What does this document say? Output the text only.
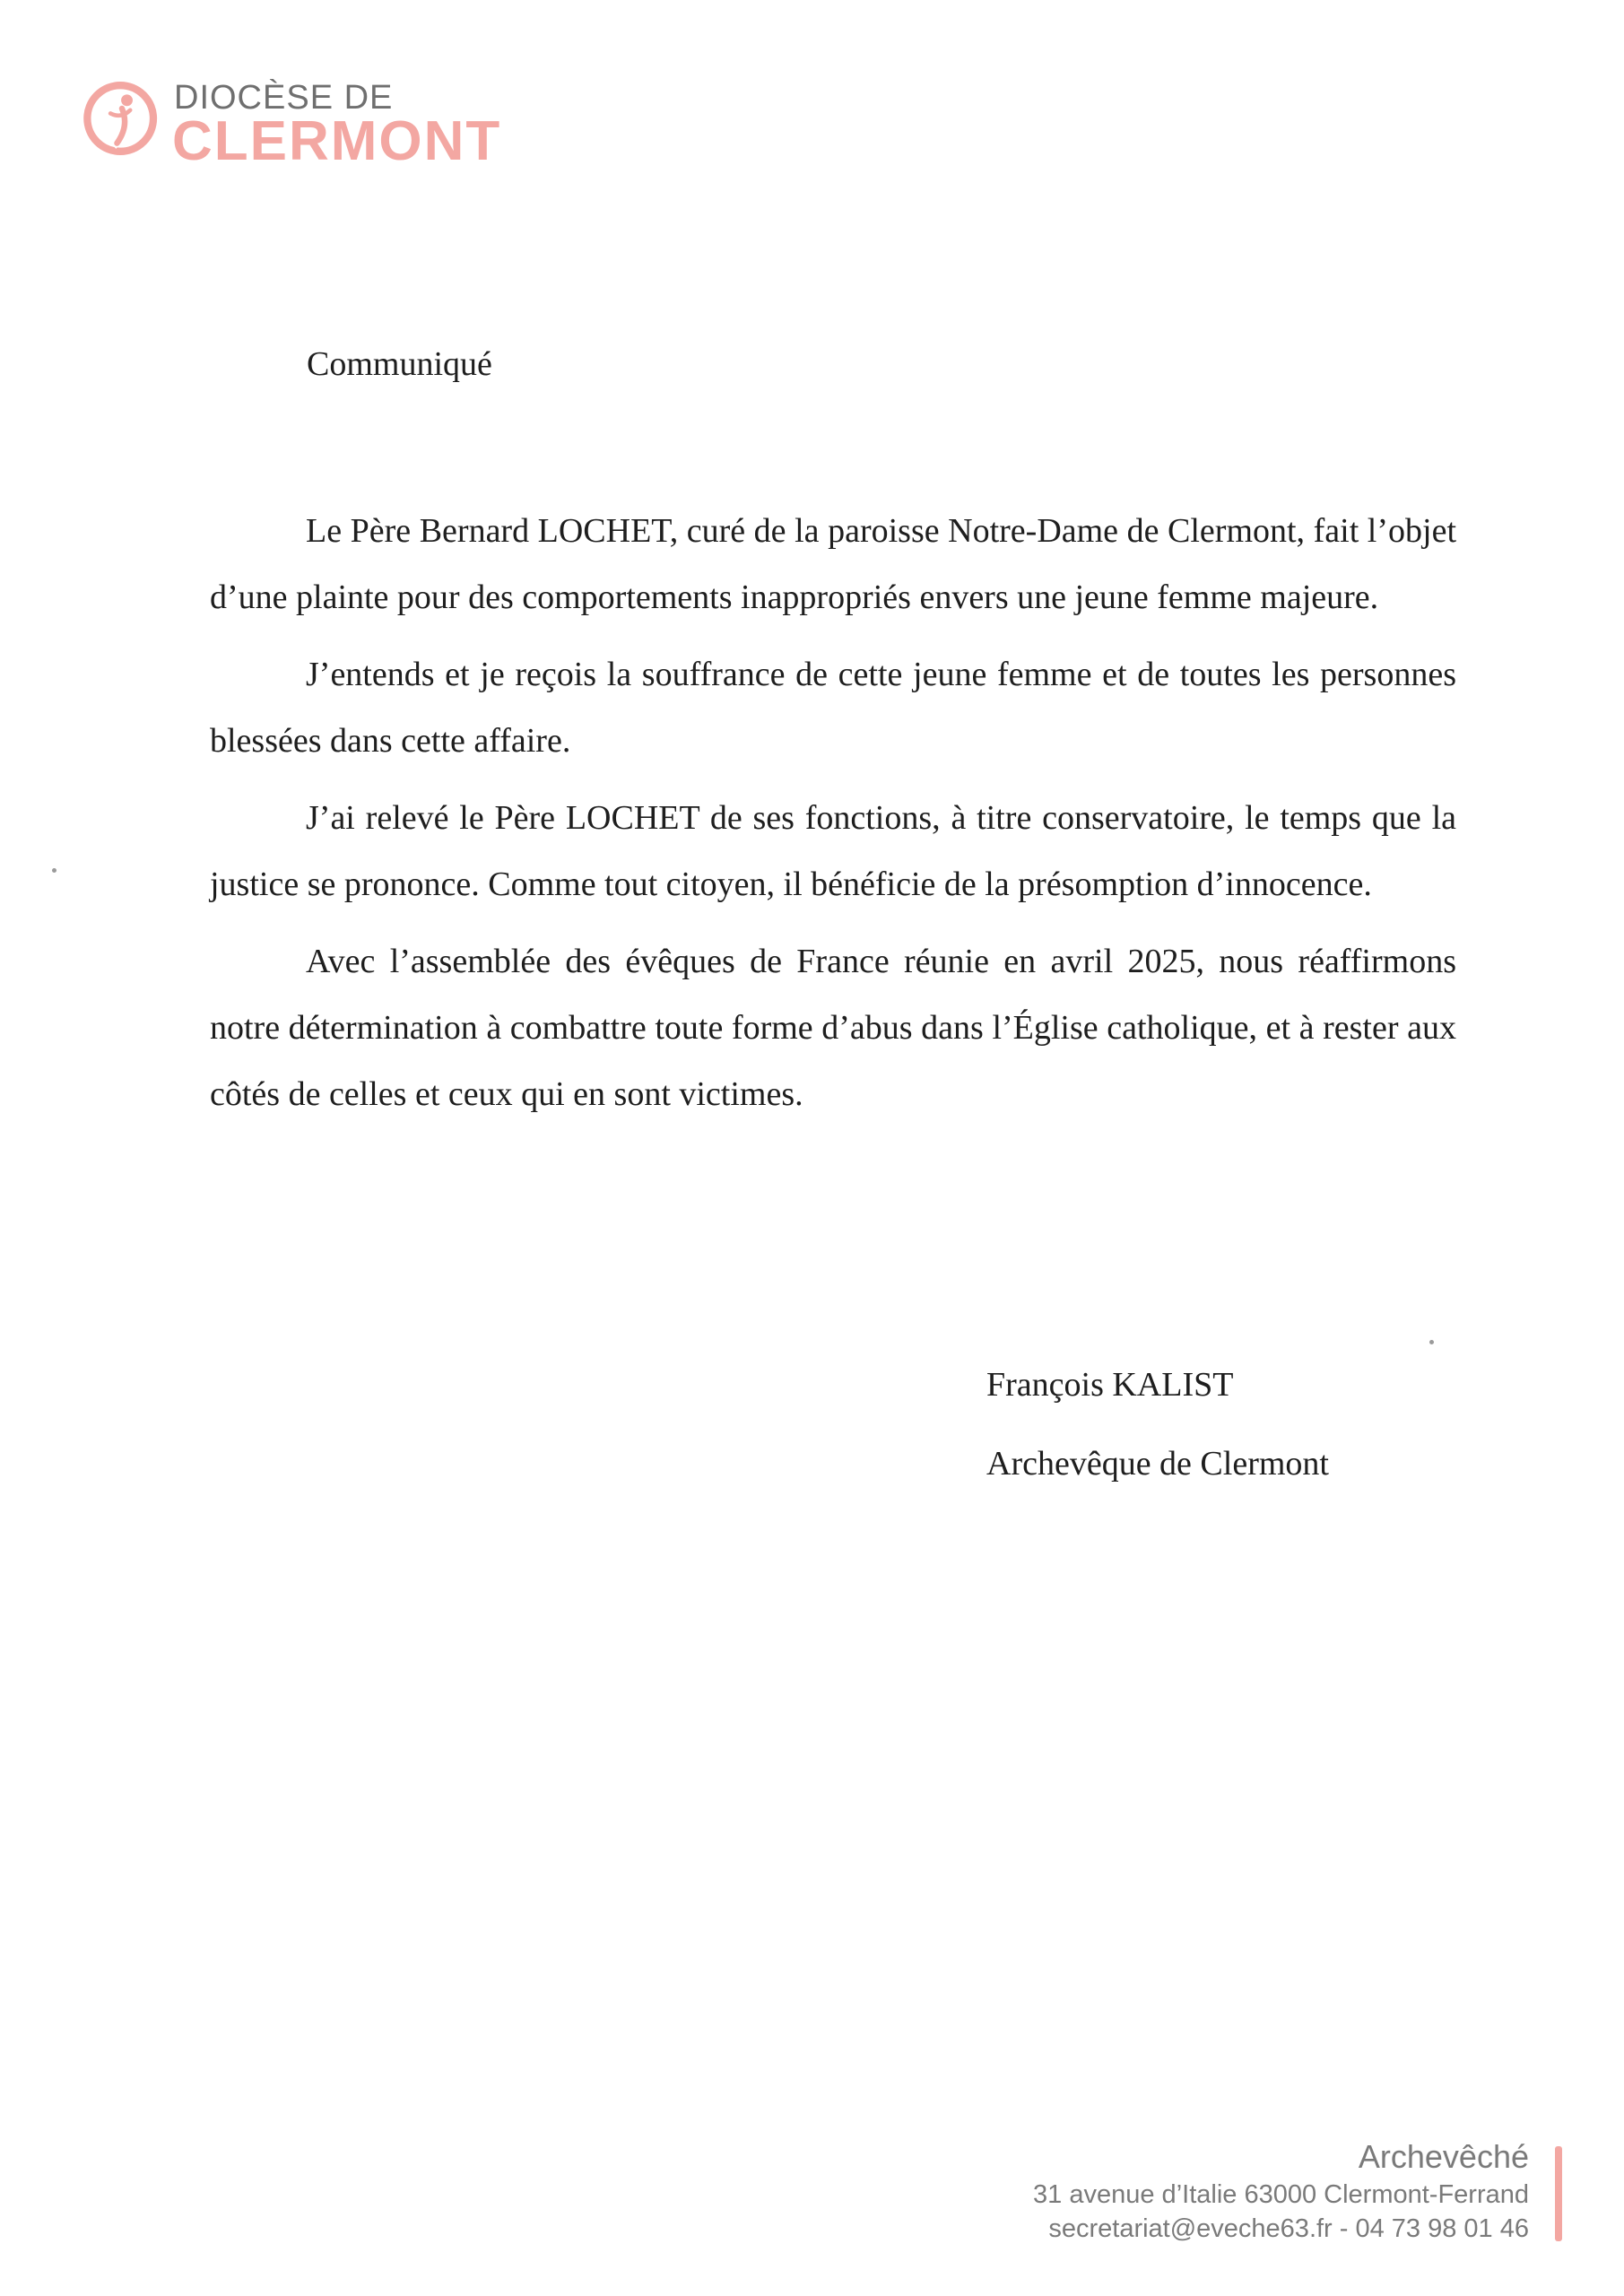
DIOCÈSE DE
CLERMONT
Communiqué

Le Père Bernard LOCHET, curé de la paroisse Notre-Dame de Clermont, fait l’objet d’une plainte pour des comportements inappropriés envers une jeune femme majeure.

J’entends et je reçois la souffrance de cette jeune femme et de toutes les personnes blessées dans cette affaire.

J’ai relevé le Père LOCHET de ses fonctions, à titre conservatoire, le temps que la justice se prononce. Comme tout citoyen, il bénéficie de la présomption d’innocence.

Avec l’assemblée des évêques de France réunie en avril 2025, nous réaffirmons notre détermination à combattre toute forme d’abus dans l’Église catholique, et à rester aux côtés de celles et ceux qui en sont victimes.

François KALIST
Archevêque de Clermont
Archevêché
31 avenue d’Italie 63000 Clermont-Ferrand
secretariat@eveche63.fr - 04 73 98 01 46
